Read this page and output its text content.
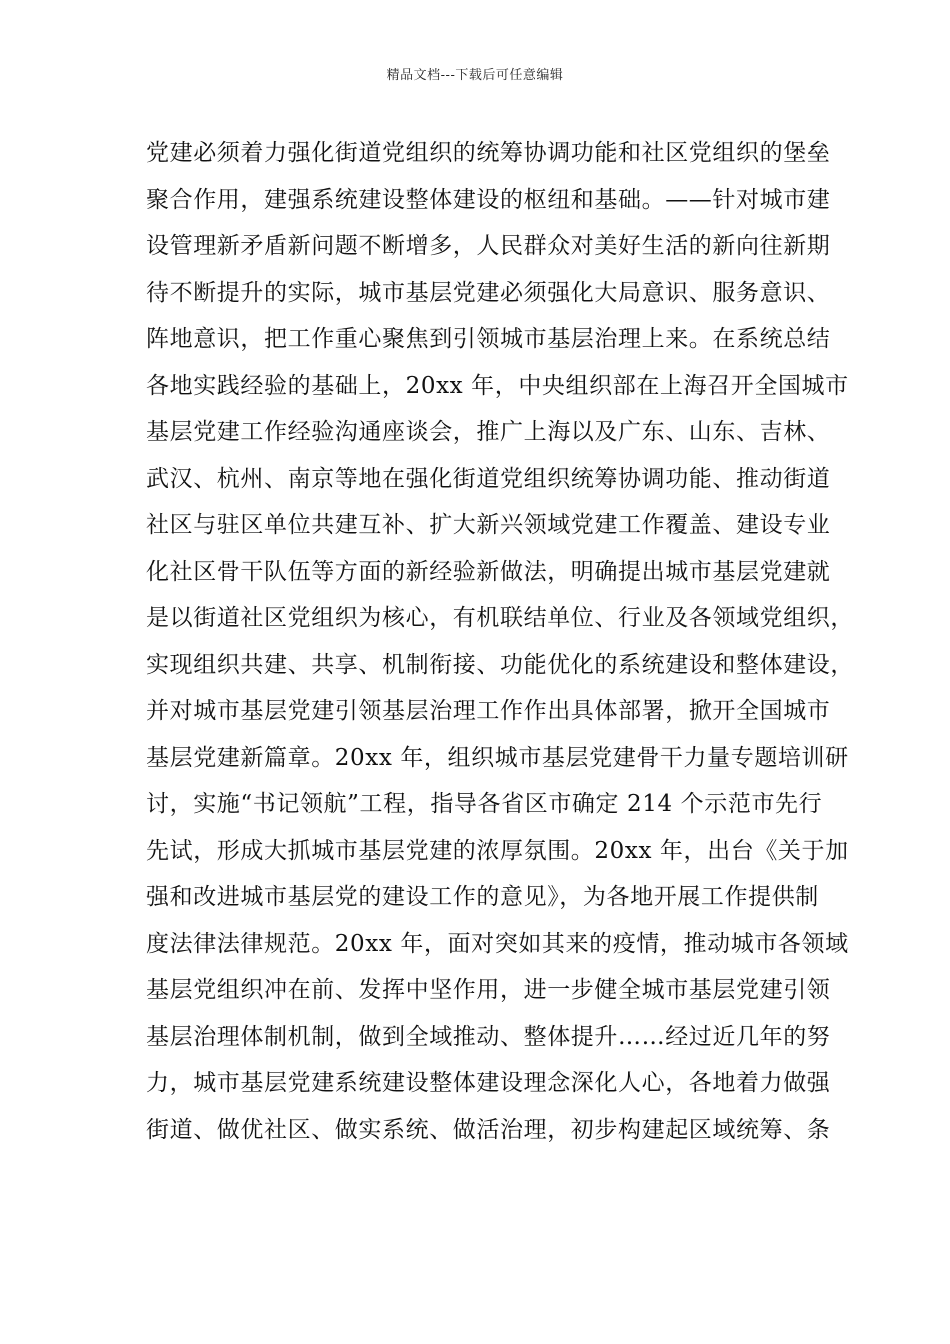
精品文档---下载后可任意编辑
党建必须着力强化街道党组织的统筹协调功能和社区党组织的堡垒
聚合作用，建强系统建设整体建设的枢纽和基础。——针对城市建
设管理新矛盾新问题不断增多，人民群众对美好生活的新向往新期
待不断提升的实际，城市基层党建必须强化大局意识、服务意识、
阵地意识，把工作重心聚焦到引领城市基层治理上来。在系统总结
各地实践经验的基础上，20xx 年，中央组织部在上海召开全国城市
基层党建工作经验沟通座谈会，推广上海以及广东、山东、吉林、
武汉、杭州、南京等地在强化街道党组织统筹协调功能、推动街道
社区与驻区单位共建互补、扩大新兴领域党建工作覆盖、建设专业
化社区骨干队伍等方面的新经验新做法，明确提出城市基层党建就
是以街道社区党组织为核心，有机联结单位、行业及各领域党组织，
实现组织共建、共享、机制衔接、功能优化的系统建设和整体建设，
并对城市基层党建引领基层治理工作作出具体部署，掀开全国城市
基层党建新篇章。20xx 年，组织城市基层党建骨干力量专题培训研
讨，实施“书记领航”工程，指导各省区市确定 214 个示范市先行
先试，形成大抓城市基层党建的浓厚氛围。20xx 年，出台《关于加
强和改进城市基层党的建设工作的意见》，为各地开展工作提供制
度法律法律规范。20xx 年，面对突如其来的疫情，推动城市各领域
基层党组织冲在前、发挥中坚作用，进一步健全城市基层党建引领
基层治理体制机制，做到全域推动、整体提升……经过近几年的努
力，城市基层党建系统建设整体建设理念深化人心，各地着力做强
街道、做优社区、做实系统、做活治理，初步构建起区域统筹、条
